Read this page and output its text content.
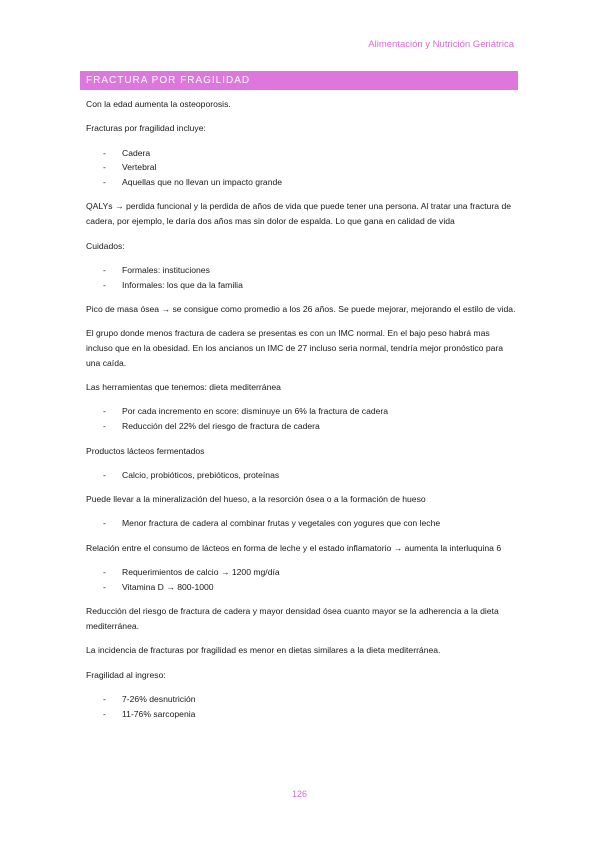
Alimentación y Nutrición Geriátrica
FRACTURA POR FRAGILIDAD

Con la edad aumenta la osteoporosis.

Fracturas por fragilidad incluye:

- Cadera
- Vertebral
- Aquellas que no llevan un impacto grande

QALYs → perdida funcional y la perdida de años de vida que puede tener una persona. Al tratar una fractura de cadera, por ejemplo, le daría dos años mas sin dolor de espalda. Lo que gana en calidad de vida

Cuidados:

- Formales: instituciones
- Informales: los que da la familia

Pico de masa ósea → se consigue como promedio a los 26 años. Se puede mejorar, mejorando el estilo de vida.

El grupo donde menos fractura de cadera se presentas es con un IMC normal. En el bajo peso habrá mas incluso que en la obesidad. En los ancianos un IMC de 27 incluso seria normal, tendría mejor pronóstico para una caída.

Las herramientas que tenemos: dieta mediterránea

- Por cada incremento en score: disminuye un 6% la fractura de cadera
- Reducción del 22% del riesgo de fractura de cadera

Productos lácteos fermentados

- Calcio, probióticos, prebióticos, proteínas

Puede llevar a la mineralización del hueso, a la resorción ósea o a la formación de hueso

- Menor fractura de cadera al combinar frutas y vegetales con yogures que con leche

Relación entre el consumo de lácteos en forma de leche y el estado inflamatorio → aumenta la interluquina 6

- Requerimientos de calcio → 1200 mg/día
- Vitamina D → 800-1000

Reducción del riesgo de fractura de cadera y mayor densidad ósea cuanto mayor se la adherencia a la dieta mediterránea.

La incidencia de fracturas por fragilidad es menor en dietas similares a la dieta mediterránea.

Fragilidad al ingreso:

- 7-26% desnutrición
- 11-76% sarcopenia
126
